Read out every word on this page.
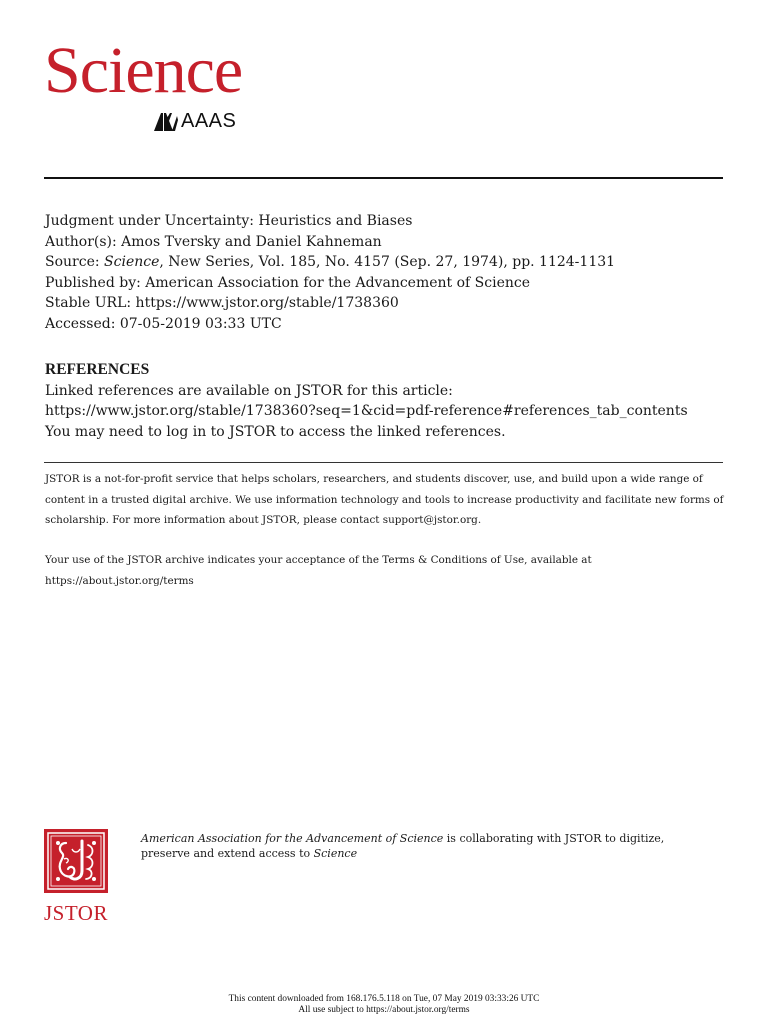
Science
AAAS
Judgment under Uncertainty: Heuristics and Biases
Author(s): Amos Tversky and Daniel Kahneman
Source: Science, New Series, Vol. 185, No. 4157 (Sep. 27, 1974), pp. 1124-1131
Published by: American Association for the Advancement of Science
Stable URL: https://www.jstor.org/stable/1738360
Accessed: 07-05-2019 03:33 UTC
REFERENCES
Linked references are available on JSTOR for this article:
https://www.jstor.org/stable/1738360?seq=1&cid=pdf-reference#references_tab_contents
You may need to log in to JSTOR to access the linked references.
JSTOR is a not-for-profit service that helps scholars, researchers, and students discover, use, and build upon a wide range of content in a trusted digital archive. We use information technology and tools to increase productivity and facilitate new forms of scholarship. For more information about JSTOR, please contact support@jstor.org.
Your use of the JSTOR archive indicates your acceptance of the Terms & Conditions of Use, available at https://about.jstor.org/terms
JSTOR
American Association for the Advancement of Science is collaborating with JSTOR to digitize, preserve and extend access to Science
This content downloaded from 168.176.5.118 on Tue, 07 May 2019 03:33:26 UTC
All use subject to https://about.jstor.org/terms
